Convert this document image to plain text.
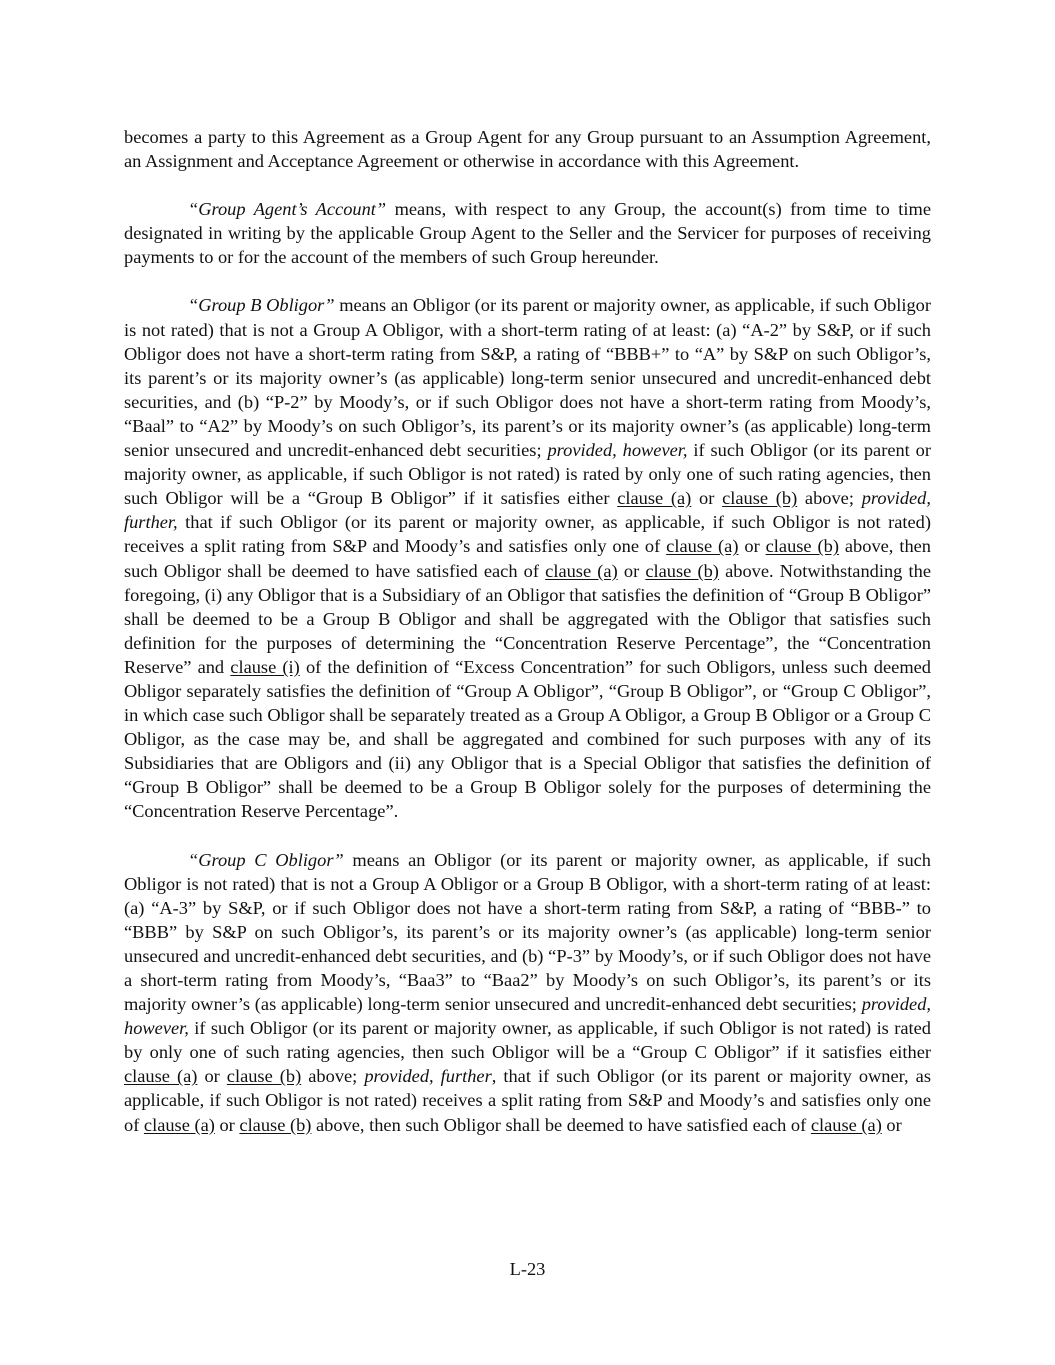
becomes a party to this Agreement as a Group Agent for any Group pursuant to an Assumption Agreement, an Assignment and Acceptance Agreement or otherwise in accordance with this Agreement.

“Group Agent’s Account” means, with respect to any Group, the account(s) from time to time designated in writing by the applicable Group Agent to the Seller and the Servicer for purposes of receiving payments to or for the account of the members of such Group hereunder.

“Group B Obligor” means an Obligor (or its parent or majority owner, as applicable, if such Obligor is not rated) that is not a Group A Obligor, with a short-term rating of at least: (a) “A-2” by S&P, or if such Obligor does not have a short-term rating from S&P, a rating of “BBB+” to “A” by S&P on such Obligor’s, its parent’s or its majority owner’s (as applicable) long-term senior unsecured and uncredit-enhanced debt securities, and (b) “P-2” by Moody’s, or if such Obligor does not have a short-term rating from Moody’s, “Baal” to “A2” by Moody’s on such Obligor’s, its parent’s or its majority owner’s (as applicable) long-term senior unsecured and uncredit-enhanced debt securities; provided, however, if such Obligor (or its parent or majority owner, as applicable, if such Obligor is not rated) is rated by only one of such rating agencies, then such Obligor will be a “Group B Obligor” if it satisfies either clause (a) or clause (b) above; provided, further, that if such Obligor (or its parent or majority owner, as applicable, if such Obligor is not rated) receives a split rating from S&P and Moody’s and satisfies only one of clause (a) or clause (b) above, then such Obligor shall be deemed to have satisfied each of clause (a) or clause (b) above. Notwithstanding the foregoing, (i) any Obligor that is a Subsidiary of an Obligor that satisfies the definition of “Group B Obligor” shall be deemed to be a Group B Obligor and shall be aggregated with the Obligor that satisfies such definition for the purposes of determining the “Concentration Reserve Percentage”, the “Concentration Reserve” and clause (i) of the definition of “Excess Concentration” for such Obligors, unless such deemed Obligor separately satisfies the definition of “Group A Obligor”, “Group B Obligor”, or “Group C Obligor”, in which case such Obligor shall be separately treated as a Group A Obligor, a Group B Obligor or a Group C Obligor, as the case may be, and shall be aggregated and combined for such purposes with any of its Subsidiaries that are Obligors and (ii) any Obligor that is a Special Obligor that satisfies the definition of “Group B Obligor” shall be deemed to be a Group B Obligor solely for the purposes of determining the “Concentration Reserve Percentage”.

“Group C Obligor” means an Obligor (or its parent or majority owner, as applicable, if such Obligor is not rated) that is not a Group A Obligor or a Group B Obligor, with a short-term rating of at least: (a) “A-3” by S&P, or if such Obligor does not have a short-term rating from S&P, a rating of “BBB-” to “BBB” by S&P on such Obligor’s, its parent’s or its majority owner’s (as applicable) long-term senior unsecured and uncredit-enhanced debt securities, and (b) “P-3” by Moody’s, or if such Obligor does not have a short-term rating from Moody’s, “Baa3” to “Baa2” by Moody’s on such Obligor’s, its parent’s or its majority owner’s (as applicable) long-term senior unsecured and uncredit-enhanced debt securities; provided, however, if such Obligor (or its parent or majority owner, as applicable, if such Obligor is not rated) is rated by only one of such rating agencies, then such Obligor will be a “Group C Obligor” if it satisfies either clause (a) or clause (b) above; provided, further, that if such Obligor (or its parent or majority owner, as applicable, if such Obligor is not rated) receives a split rating from S&P and Moody’s and satisfies only one of clause (a) or clause (b) above, then such Obligor shall be deemed to have satisfied each of clause (a) or

L-23
